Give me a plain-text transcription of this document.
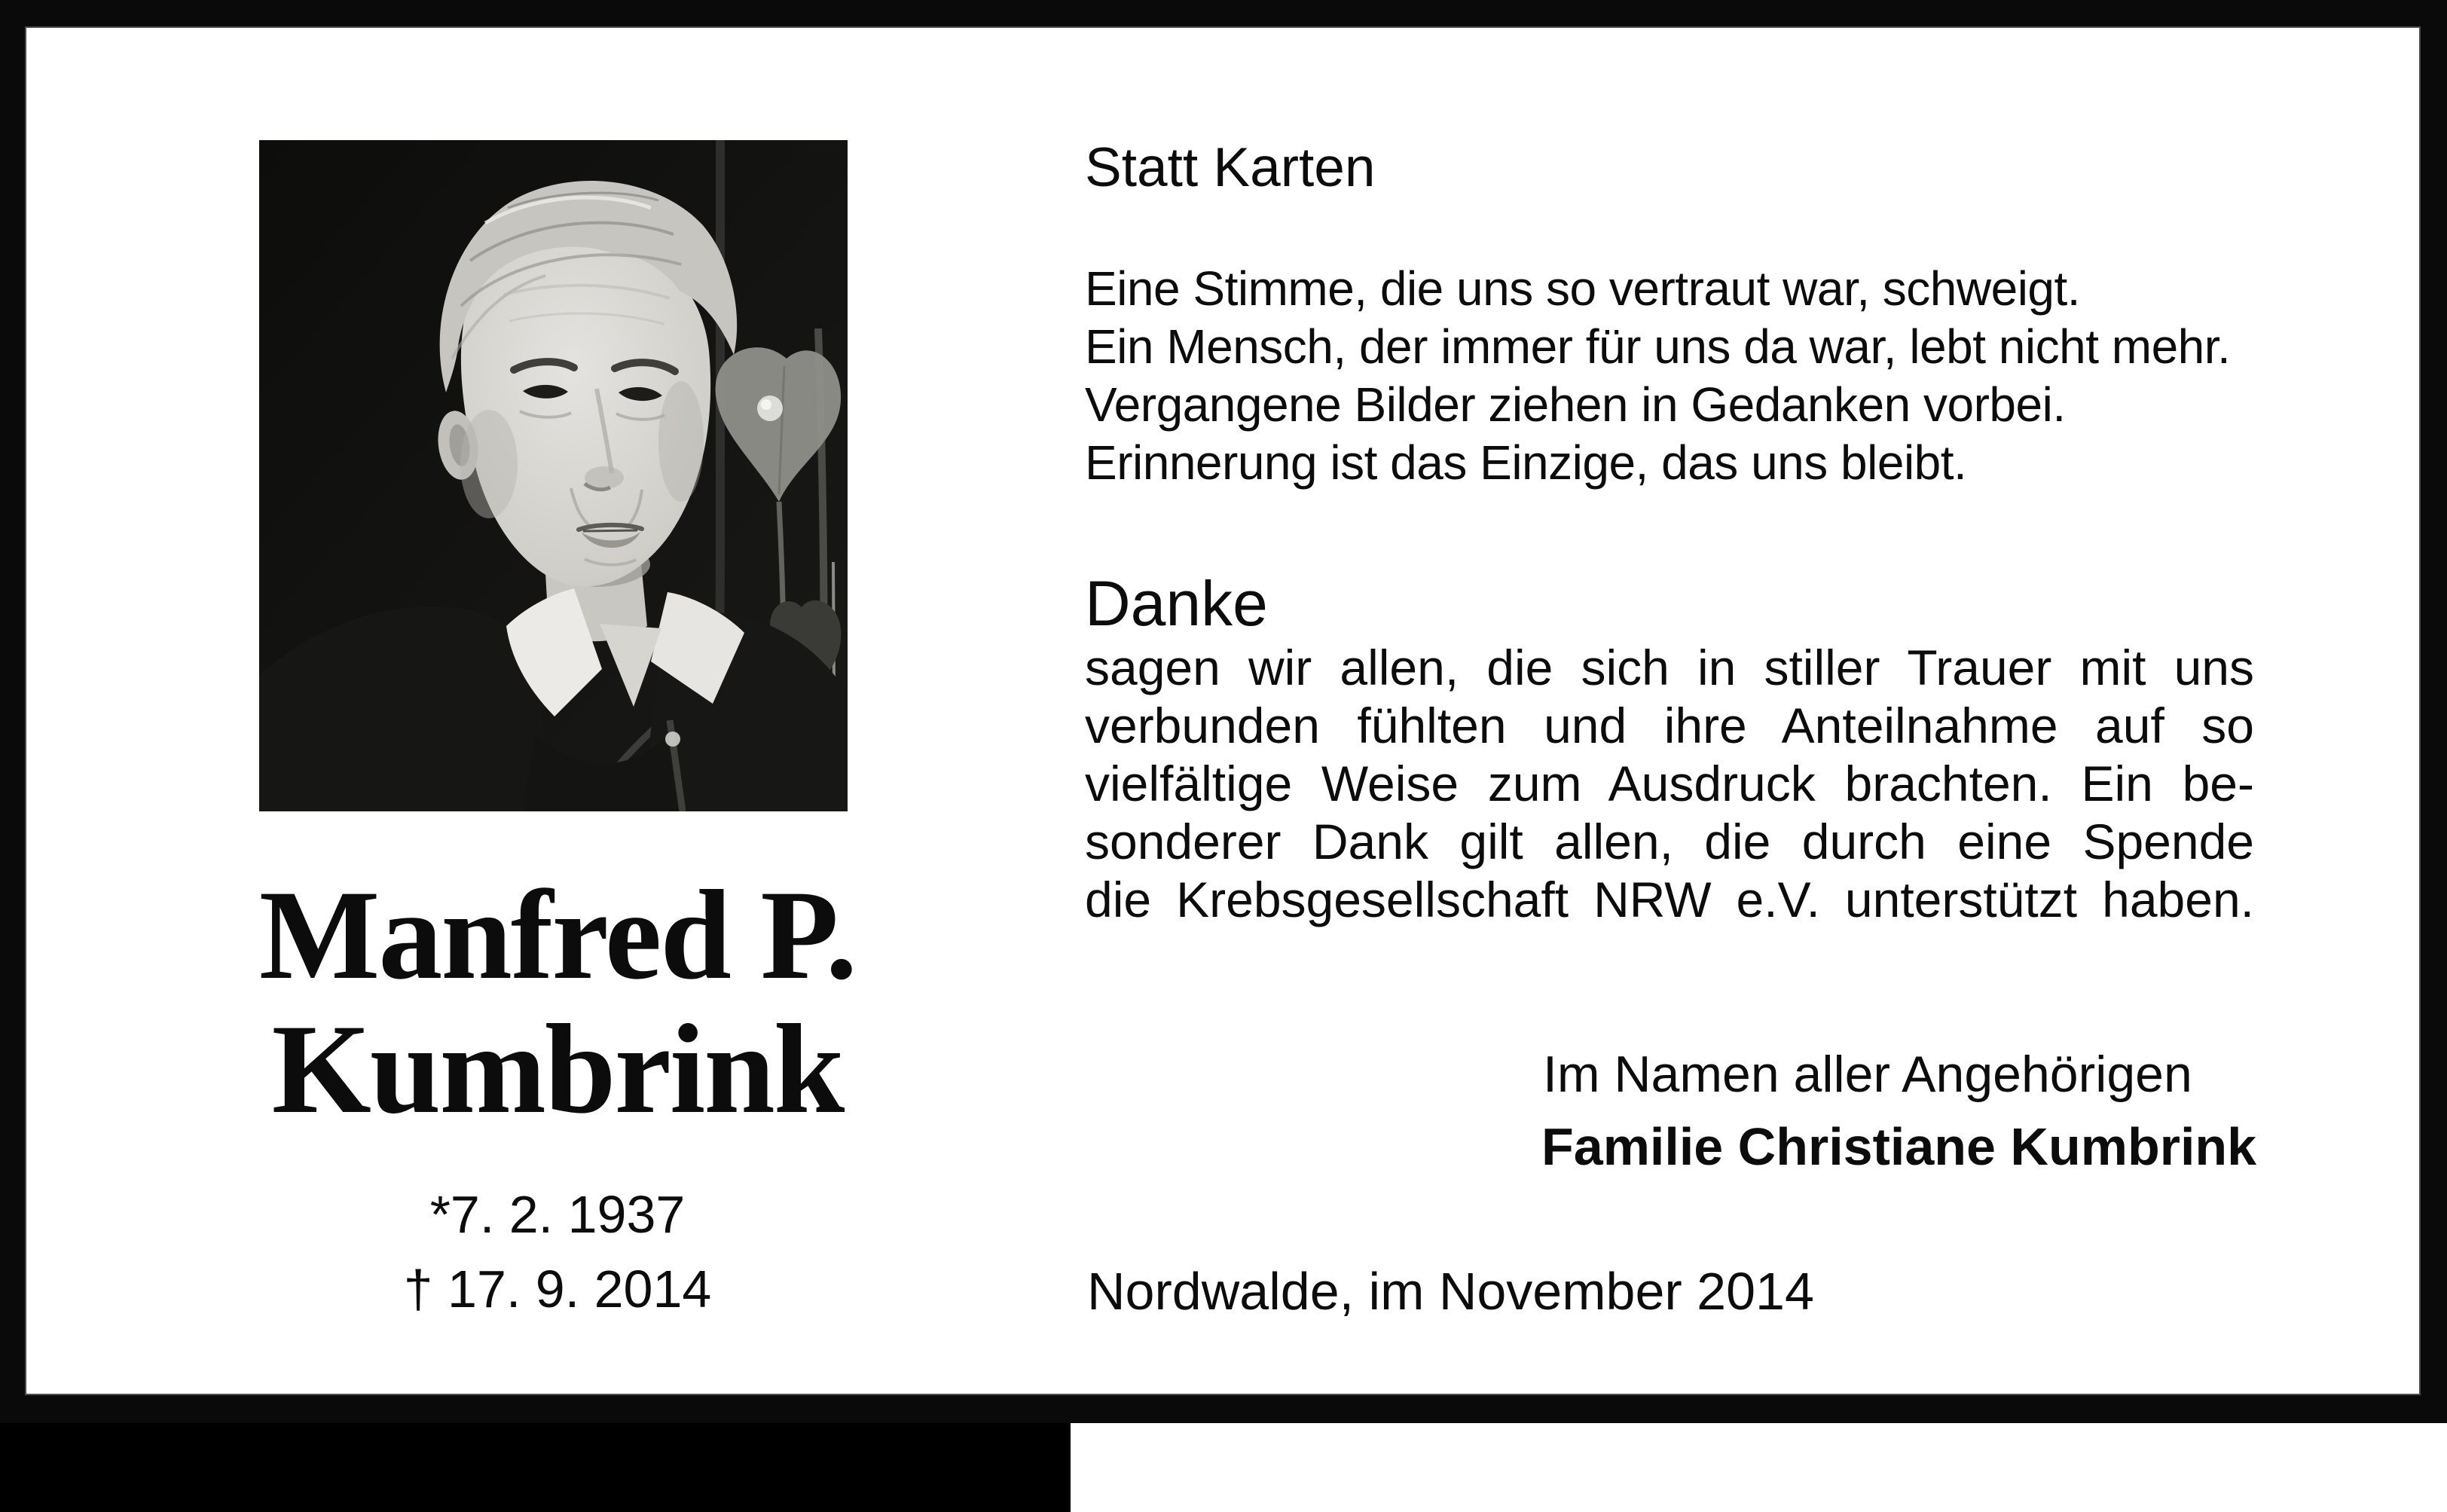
Manfred P.
Kumbrink
*7. 2. 1937
† 17. 9. 2014
Statt Karten
Eine Stimme, die uns so vertraut war, schweigt.
Ein Mensch, der immer für uns da war, lebt nicht mehr.
Vergangene Bilder ziehen in Gedanken vorbei.
Erinnerung ist das Einzige, das uns bleibt.
Danke
sagen wir allen, die sich in stiller Trauer mit uns
verbunden fühlten und ihre Anteilnahme auf so
vielfältige Weise zum Ausdruck brachten. Ein be-
sonderer Dank gilt allen, die durch eine Spende
die Krebsgesellschaft NRW e.V. unterstützt haben.
Im Namen aller Angehörigen
Familie Christiane Kumbrink
Nordwalde, im November 2014
